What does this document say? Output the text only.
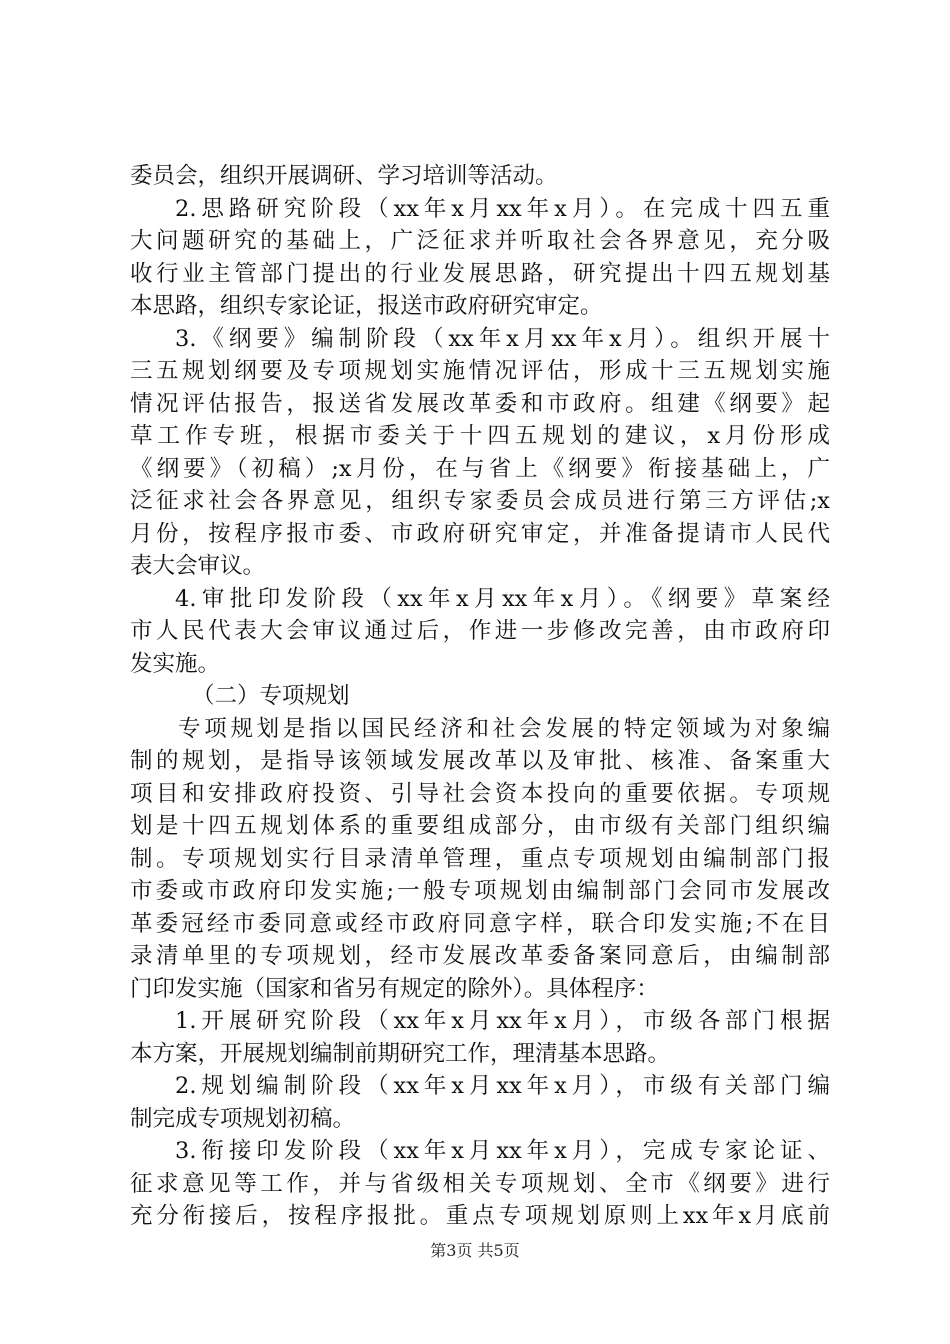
委员会，组织开展调研、学习培训等活动。
2.思路研究阶段（xx年x月xx年x月）。在完成十四五重
大问题研究的基础上，广泛征求并听取社会各界意见，充分吸
收行业主管部门提出的行业发展思路，研究提出十四五规划基
本思路，组织专家论证，报送市政府研究审定。
3.《纲要》编制阶段（xx年x月xx年x月）。组织开展十
三五规划纲要及专项规划实施情况评估，形成十三五规划实施
情况评估报告，报送省发展改革委和市政府。组建《纲要》起
草工作专班，根据市委关于十四五规划的建议，x月份形成
《纲要》（初稿）;x月份，在与省上《纲要》衔接基础上，广
泛征求社会各界意见，组织专家委员会成员进行第三方评估;x
月份，按程序报市委、市政府研究审定，并准备提请市人民代
表大会审议。
4.审批印发阶段（xx年x月xx年x月）。《纲要》草案经
市人民代表大会审议通过后，作进一步修改完善，由市政府印
发实施。
（二）专项规划
专项规划是指以国民经济和社会发展的特定领域为对象编
制的规划，是指导该领域发展改革以及审批、核准、备案重大
项目和安排政府投资、引导社会资本投向的重要依据。专项规
划是十四五规划体系的重要组成部分，由市级有关部门组织编
制。专项规划实行目录清单管理，重点专项规划由编制部门报
市委或市政府印发实施;一般专项规划由编制部门会同市发展改
革委冠经市委同意或经市政府同意字样，联合印发实施;不在目
录清单里的专项规划，经市发展改革委备案同意后，由编制部
门印发实施（国家和省另有规定的除外）。具体程序：
1.开展研究阶段（xx年x月xx年x月），市级各部门根据
本方案，开展规划编制前期研究工作，理清基本思路。
2.规划编制阶段（xx年x月xx年x月），市级有关部门编
制完成专项规划初稿。
3.衔接印发阶段（xx年x月xx年x月），完成专家论证、
征求意见等工作，并与省级相关专项规划、全市《纲要》进行
充分衔接后，按程序报批。重点专项规划原则上xx年x月底前
第3页 共5页
